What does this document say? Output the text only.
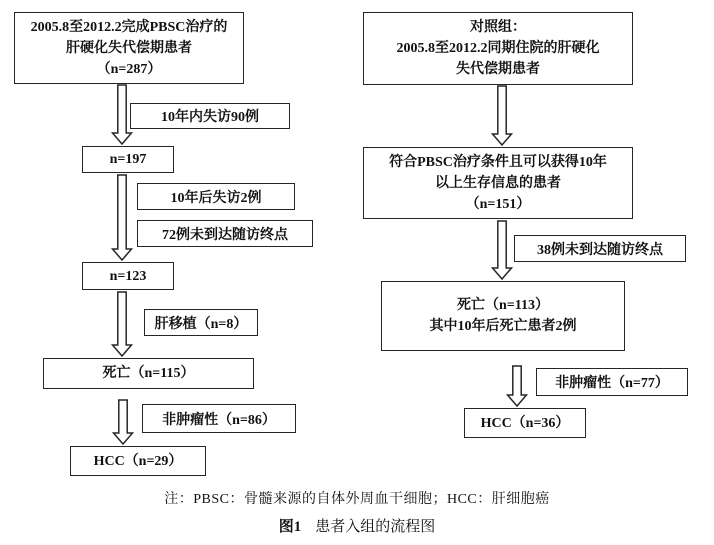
2005.8至2012.2完成PBSC治疗的
肝硬化失代偿期患者
（n=287）
10年内失访90例
n=197
10年后失访2例
72例未到达随访终点
n=123
肝移植（n=8）
死亡（n=115）
非肿瘤性（n=86）
HCC（n=29）
对照组：
2005.8至2012.2同期住院的肝硬化
失代偿期患者
符合PBSC治疗条件且可以获得10年
以上生存信息的患者
（n=151）
38例未到达随访终点
死亡（n=113）
其中10年后死亡患者2例
非肿瘤性（n=77）
HCC（n=36）
注：PBSC：骨髓来源的自体外周血干细胞；HCC：肝细胞癌
图1 患者入组的流程图
